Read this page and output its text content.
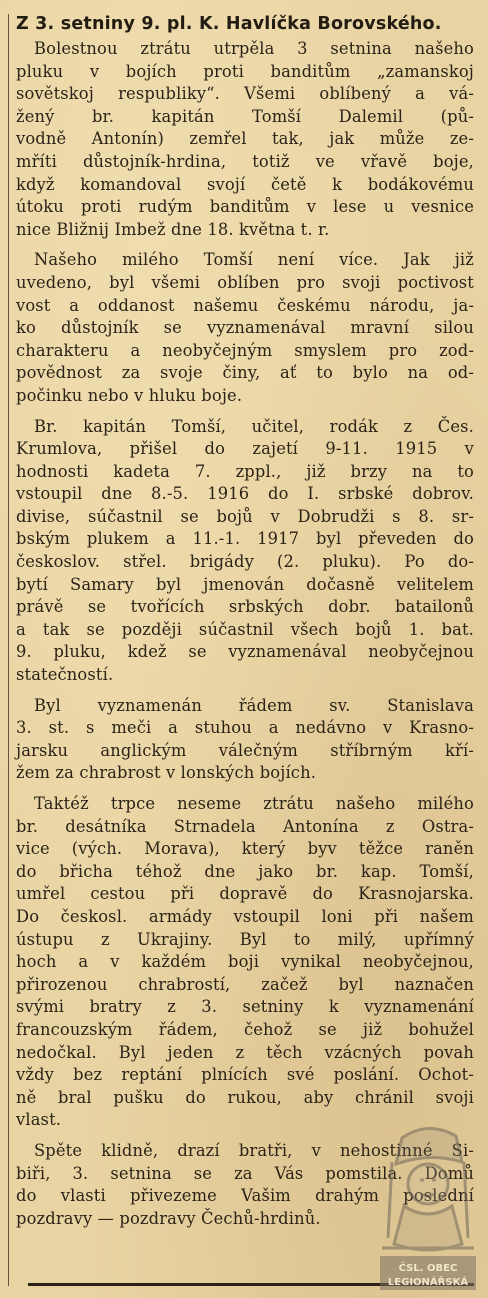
Z 3. setniny 9. pl. K. Havlíčka Borovského.
Bolestnou ztrátu utrpěla 3 setnina našeho
pluku v bojích proti banditům „zamanskoj
sovětskoj respubliky“. Všemi oblíbený a vá-
žený br. kapitán Tomší Dalemil (pů-
vodně Antonín) zemřel tak, jak může ze-
mříti důstojník-hrdina, totiž ve vřavě boje,
když komandoval svojí četě k bodákovému
útoku proti rudým banditům v lese u vesnice
nice Bližnij Imbež dne 18. května t. r.
Našeho milého Tomší není více. Jak již
uvedeno, byl všemi oblíben pro svoji poctivost
vost a oddanost našemu českému národu, ja-
ko důstojník se vyznamenával mravní silou
charakteru a neobyčejným smyslem pro zod-
povědnost za svoje činy, ať to bylo na od-
počinku nebo v hluku boje.
Br. kapitán Tomší, učitel, rodák z Čes.
Krumlova, přišel do zajetí 9-11. 1915 v
hodnosti kadeta 7. zppl., již brzy na to
vstoupil dne 8.-5. 1916 do I. srbské dobrov.
divise, súčastnil se bojů v Dobrudži s 8. sr-
bským plukem a 11.-1. 1917 byl převeden do
českoslov. střel. brigády (2. pluku). Po do-
bytí Samary byl jmenován dočasně velitelem
právě se tvořících srbských dobr. batailonů
a tak se později súčastnil všech bojů 1. bat.
9. pluku, kdež se vyznamenával neobyčejnou
statečností.
Byl vyznamenán řádem sv. Stanislava
3. st. s meči a stuhou a nedávno v Krasno-
jarsku anglickým válečným stříbrným kří-
žem za chrabrost v lonských bojích.
Taktéž trpce neseme ztrátu našeho milého
br. desátníka Strnadela Antonína z Ostra-
vice (vých. Morava), který byv těžce raněn
do břicha téhož dne jako br. kap. Tomší,
umřel cestou při dopravě do Krasnojarska.
Do českosl. armády vstoupil loni při našem
ústupu z Ukrajiny. Byl to milý, upřímný
hoch a v každém boji vynikal neobyčejnou,
přirozenou chrabrostí, začež byl naznačen
svými bratry z 3. setniny k vyznamenání
francouzským řádem, čehož se již bohužel
nedočkal. Byl jeden z těch vzácných povah
vždy bez reptání plnících své poslání. Ochot-
ně bral pušku do rukou, aby chránil svoji
vlast.
Spěte klidně, drazí bratři, v nehostinné Si-
biři, 3. setnina se za Vás pomstila. Domů
do vlasti přivezeme Vašim drahým poslední
pozdravy — pozdravy Čechů-hrdinů.
ČSL. OBEC
LEGIONÁŘSKÁ
